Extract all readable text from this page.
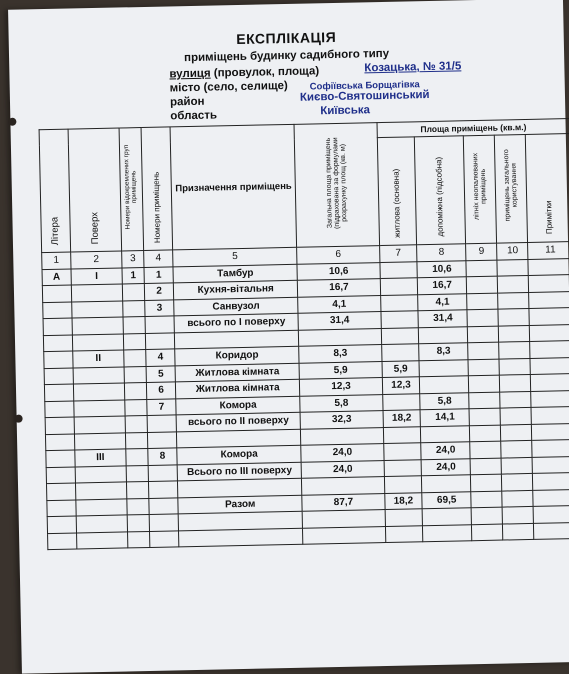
ЕКСПЛІКАЦІЯ
приміщень будинку садибного типу
вулиця (провулок, площа)	Козацька, № 31/5
місто (село, селище) Софіївська Борщагівка
район	Києво-Святошинський
область	Київська
Літера	Поверх	Номери відокремлених груп приміщень	Номери приміщень	Призначення приміщень	Загальна площа приміщень (підрахована за формулами розрахунку площ (кв. м)	Площа приміщень (кв.м.)				
						житлова (основна)	допоміжна (підсобна)	літніх неопалюваних приміщень	приміщень загального користування	Примітки
1	2	3	4	5	6	7	8	9	10	11
А	І	1	1	Тамбур	10,6		10,6			
			2	Кухня-вітальня	16,7		16,7			
			3	Санвузол	4,1		4,1			
				всього по І поверху	31,4		31,4			

	ІІ		4	Коридор	8,3		8,3			
			5	Житлова кімната	5,9	5,9				
			6	Житлова кімната	12,3	12,3				
			7	Комора	5,8		5,8			
				всього по ІІ поверху	32,3	18,2	14,1			

	ІІІ		8	Комора	24,0		24,0			
				Всього по ІІІ поверху	24,0		24,0			

				Разом	87,7	18,2	69,5			
